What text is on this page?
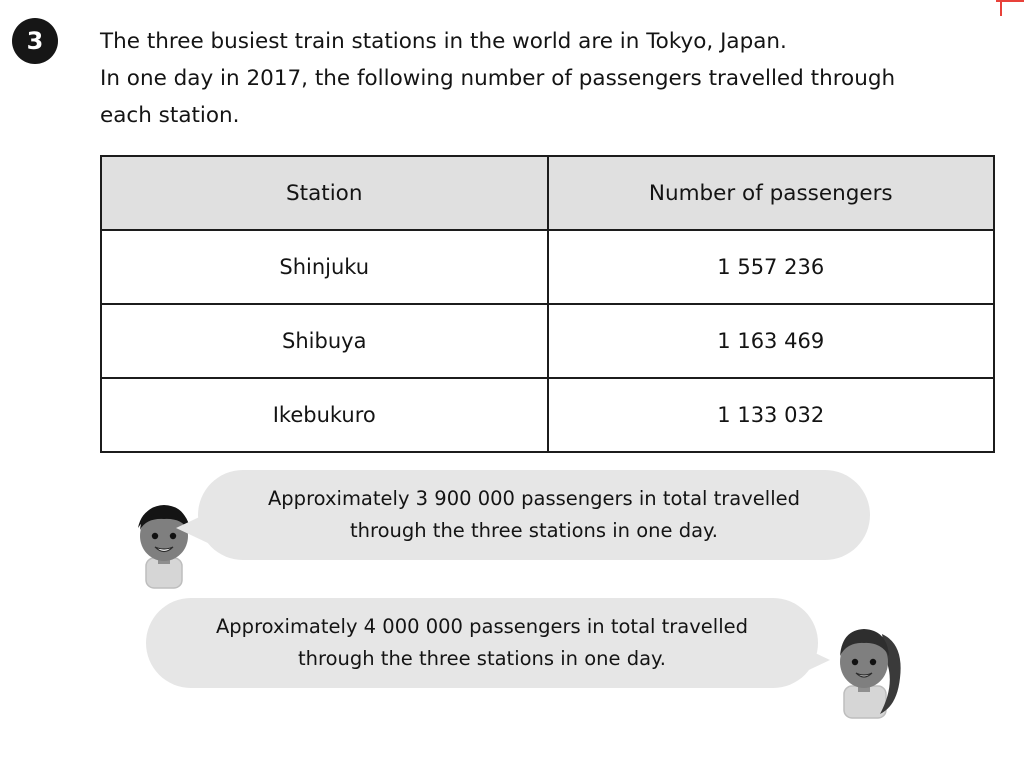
3	The three busiest train stations in the world are in Tokyo, Japan.
In one day in 2017, the following number of passengers travelled through
each station.
Station	Number of passengers
Shinjuku	1 557 236
Shibuya	1 163 469
Ikebukuro	1 133 032
Approximately 3 900 000 passengers in total travelled
through the three stations in one day.
Approximately 4 000 000 passengers in total travelled
through the three stations in one day.
